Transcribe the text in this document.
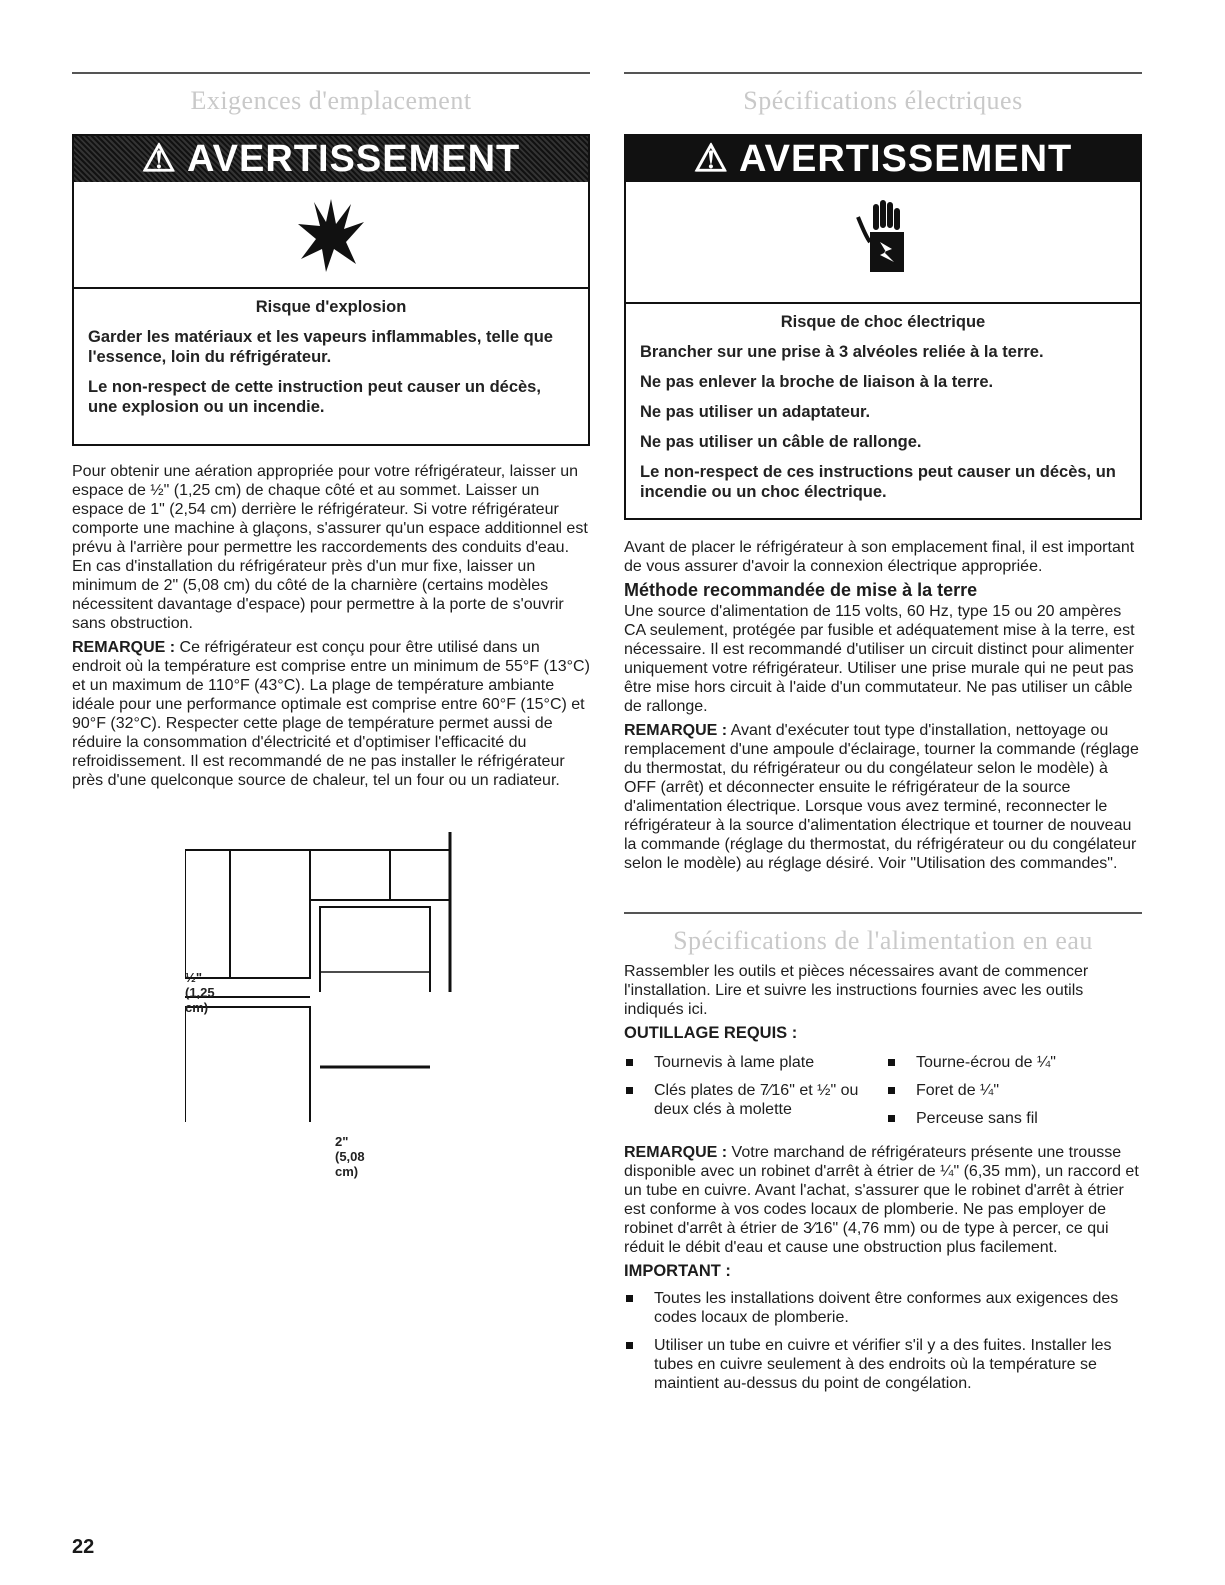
Exigences d'emplacement
⚠ AVERTISSEMENT

Risque d'explosion

Garder les matériaux et les vapeurs inflammables, telle que l'essence, loin du réfrigérateur.

Le non-respect de cette instruction peut causer un décès, une explosion ou un incendie.

Pour obtenir une aération appropriée pour votre réfrigérateur, laisser un espace de ½" (1,25 cm) de chaque côté et au sommet. Laisser un espace de 1" (2,54 cm) derrière le réfrigérateur. Si votre réfrigérateur comporte une machine à glaçons, s'assurer qu'un espace additionnel est prévu à l'arrière pour permettre les raccordements des conduits d'eau. En cas d'installation du réfrigérateur près d'un mur fixe, laisser un minimum de 2" (5,08 cm) du côté de la charnière (certains modèles nécessitent davantage d'espace) pour permettre à la porte de s'ouvrir sans obstruction.

REMARQUE : Ce réfrigérateur est conçu pour être utilisé dans un endroit où la température est comprise entre un minimum de 55°F (13°C) et un maximum de 110°F (43°C). La plage de température ambiante idéale pour une performance optimale est comprise entre 60°F (15°C) et 90°F (32°C). Respecter cette plage de température permet aussi de réduire la consommation d'électricité et d'optimiser l'efficacité du refroidissement. Il est recommandé de ne pas installer le réfrigérateur près d'une quelconque source de chaleur, tel un four ou un radiateur.

½" (1,25 cm)
2" (5,08 cm)
Spécifications électriques
⚠ AVERTISSEMENT

Risque de choc électrique

Brancher sur une prise à 3 alvéoles reliée à la terre.

Ne pas enlever la broche de liaison à la terre.

Ne pas utiliser un adaptateur.

Ne pas utiliser un câble de rallonge.

Le non-respect de ces instructions peut causer un décès, un incendie ou un choc électrique.

Avant de placer le réfrigérateur à son emplacement final, il est important de vous assurer d'avoir la connexion électrique appropriée.

Méthode recommandée de mise à la terre

Une source d'alimentation de 115 volts, 60 Hz, type 15 ou 20 ampères CA seulement, protégée par fusible et adéquatement mise à la terre, est nécessaire. Il est recommandé d'utiliser un circuit distinct pour alimenter uniquement votre réfrigérateur. Utiliser une prise murale qui ne peut pas être mise hors circuit à l'aide d'un commutateur. Ne pas utiliser un câble de rallonge.

REMARQUE : Avant d'exécuter tout type d'installation, nettoyage ou remplacement d'une ampoule d'éclairage, tourner la commande (réglage du thermostat, du réfrigérateur ou du congélateur selon le modèle) à OFF (arrêt) et déconnecter ensuite le réfrigérateur de la source d'alimentation électrique. Lorsque vous avez terminé, reconnecter le réfrigérateur à la source d'alimentation électrique et tourner de nouveau la commande (réglage du thermostat, du réfrigérateur ou du congélateur selon le modèle) au réglage désiré. Voir "Utilisation des commandes".

Spécifications de l'alimentation en eau

Rassembler les outils et pièces nécessaires avant de commencer l'installation. Lire et suivre les instructions fournies avec les outils indiqués ici.

OUTILLAGE REQUIS :
Tournevis à lame plate
Clés plates de 7⁄16" et ½" ou deux clés à molette
Tourne-écrou de ¼"
Foret de ¼"
Perceuse sans fil

REMARQUE : Votre marchand de réfrigérateurs présente une trousse disponible avec un robinet d'arrêt à étrier de ¼" (6,35 mm), un raccord et un tube en cuivre. Avant l'achat, s'assurer que le robinet d'arrêt à étrier est conforme à vos codes locaux de plomberie. Ne pas employer de robinet d'arrêt à étrier de 3⁄16" (4,76 mm) ou de type à percer, ce qui réduit le débit d'eau et cause une obstruction plus facilement.

IMPORTANT :
Toutes les installations doivent être conformes aux exigences des codes locaux de plomberie.
Utiliser un tube en cuivre et vérifier s'il y a des fuites. Installer les tubes en cuivre seulement à des endroits où la température se maintient au-dessus du point de congélation.
22
